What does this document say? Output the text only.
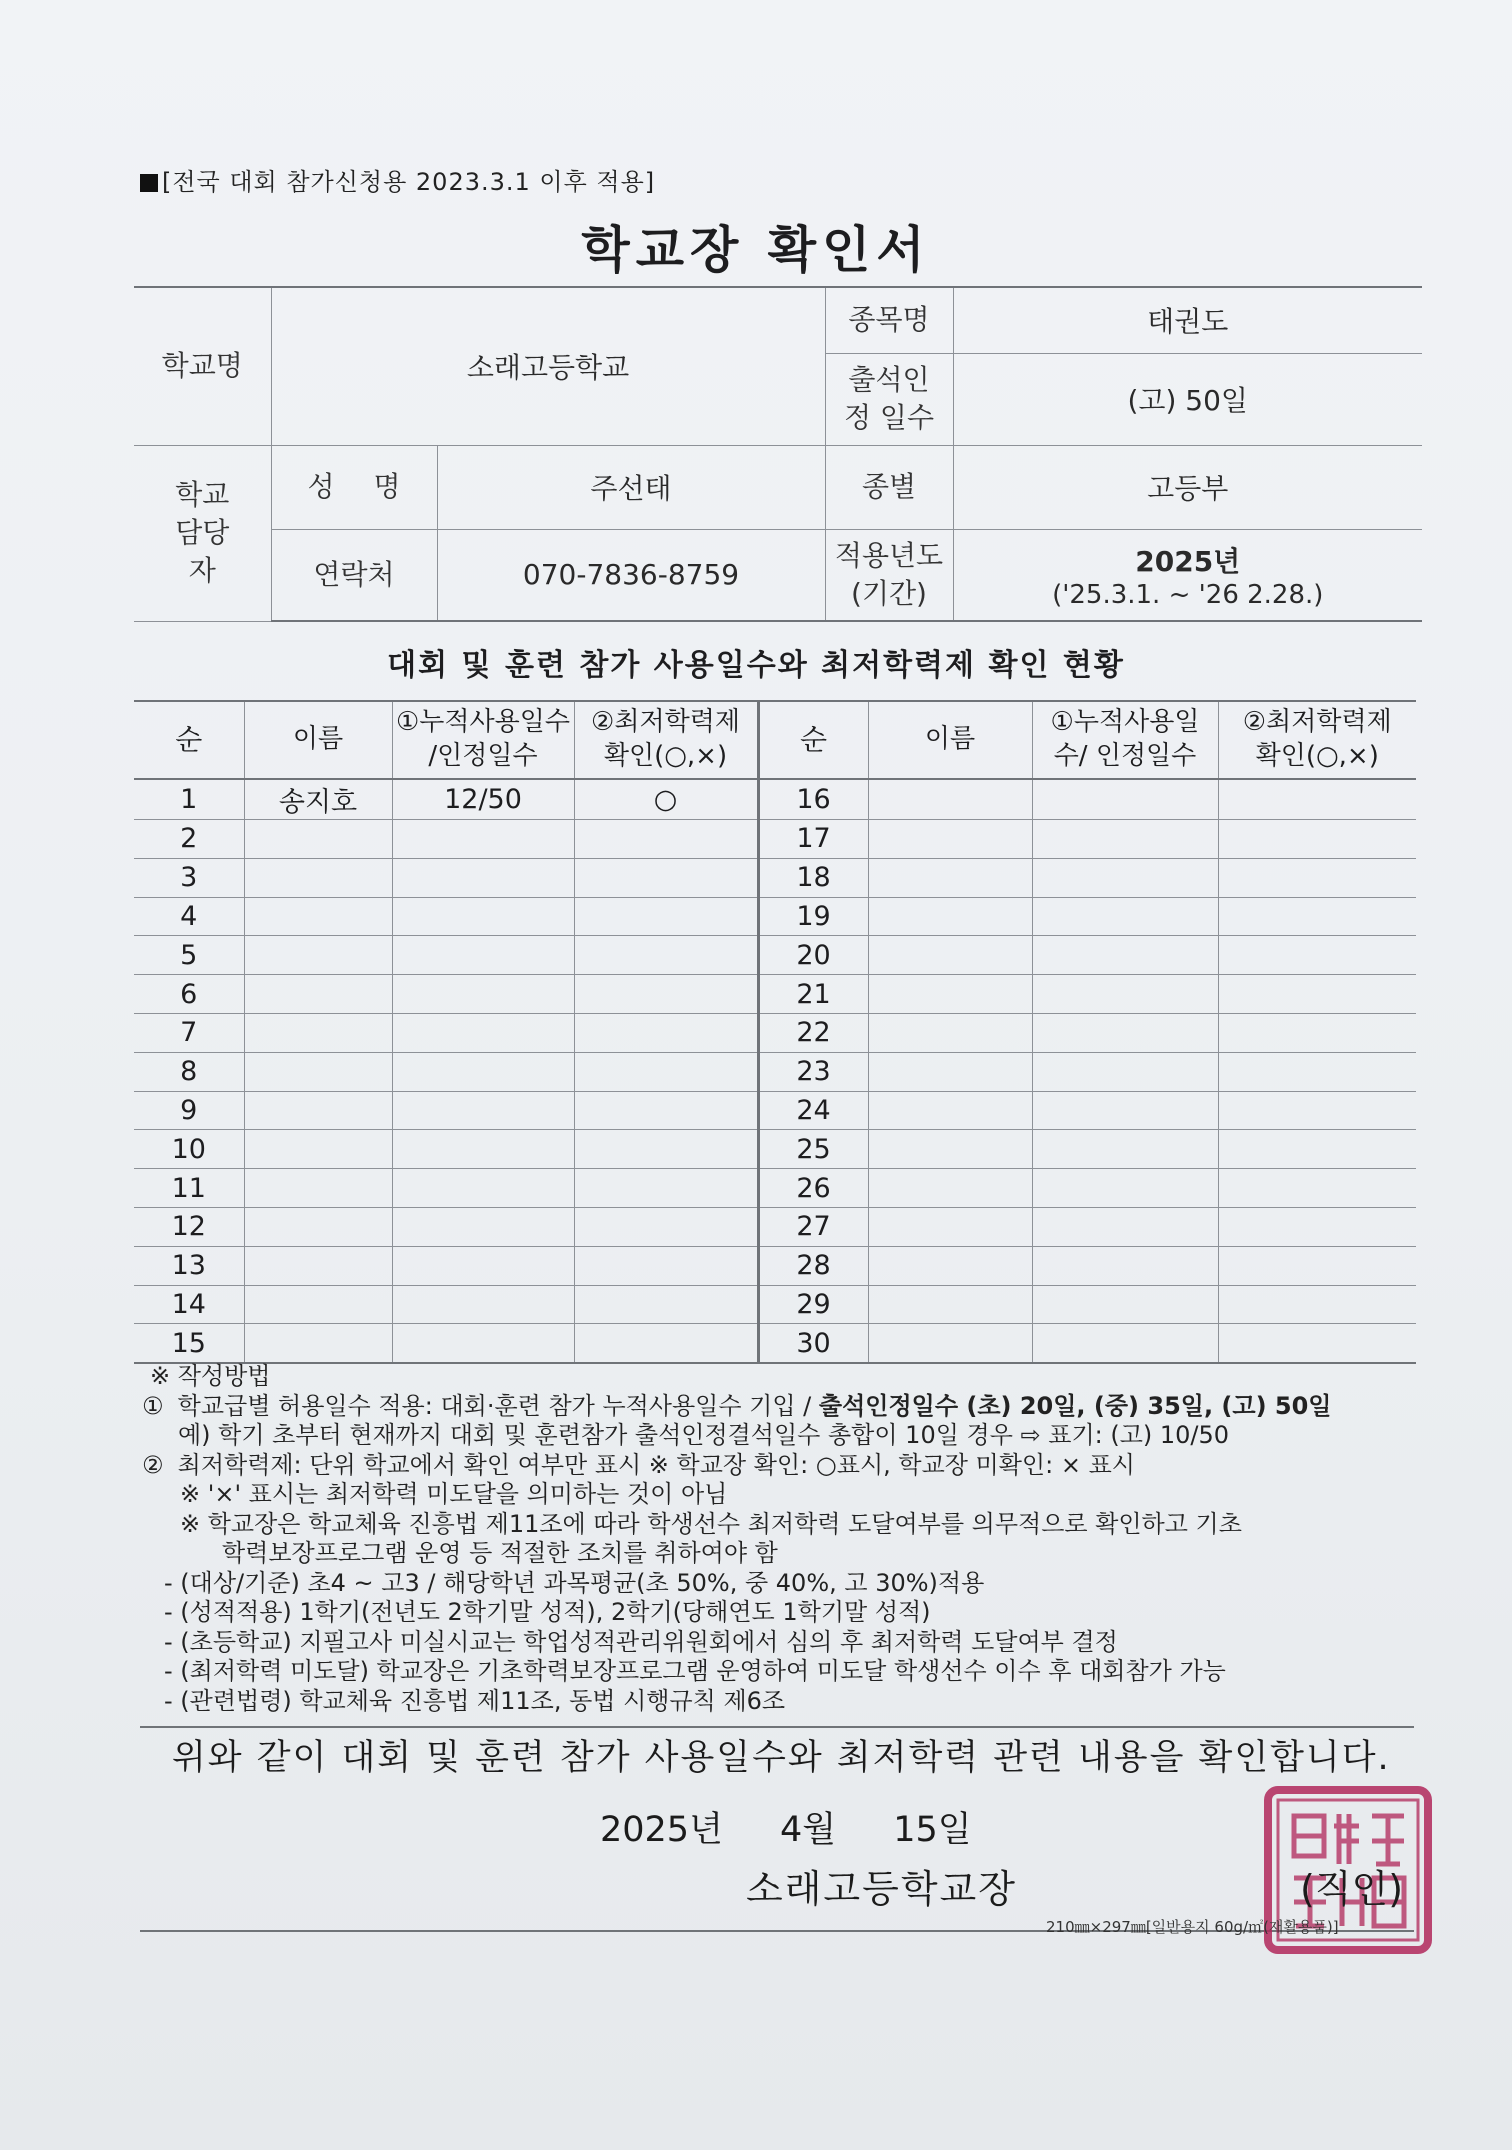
[전국 대회 참가신청용 2023.3.1 이후 적용]
학교장 확인서
학교명	소래고등학교		종목명	태권도

			출석인정 일수	(고) 50일

학교 담당자	성 명	주선태	종별	고등부
	연락처	070-7836-8759	적용년도 (기간)	2025년
('25.3.1. ~ '26 2.28.)
대회 및 훈련 참가 사용일수와 최저학력제 확인 현황
순	이름	①누적사용일수 /인정일수	②최저학력제 확인(○,×)	순	이름	①누적사용일수/ 인정일수	②최저학력제 확인(○,×)

1	송지호	12/50	○	16			
2				17			
3				18			
4				19			
5				20			
6				21			
7				22			
8				23			
9				24			
10				25			
11				26			
12				27			
13				28			
14				29			
15				30			
※ 작성방법
① 학교급별 허용일수 적용: 대회·훈련 참가 누적사용일수 기입 / 출석인정일수 (초) 20일, (중) 35일, (고) 50일
예) 학기 초부터 현재까지 대회 및 훈련참가 출석인정결석일수 총합이 10일 경우 ⇨ 표기: (고) 10/50
② 최저학력제: 단위 학교에서 확인 여부만 표시 ※ 학교장 확인: ○표시, 학교장 미확인: × 표시
※ '×' 표시는 최저학력 미도달을 의미하는 것이 아님
※ 학교장은 학교체육 진흥법 제11조에 따라 학생선수 최저학력 도달여부를 의무적으로 확인하고 기초
학력보장프로그램 운영 등 적절한 조치를 취하여야 함
- (대상/기준) 초4 ~ 고3 / 해당학년 과목평균(초 50%, 중 40%, 고 30%)적용
- (성적적용) 1학기(전년도 2학기말 성적), 2학기(당해연도 1학기말 성적)
- (초등학교) 지필고사 미실시교는 학업성적관리위원회에서 심의 후 최저학력 도달여부 결정
- (최저학력 미도달) 학교장은 기초학력보장프로그램 운영하여 미도달 학생선수 이수 후 대회참가 가능
- (관련법령) 학교체육 진흥법 제11조, 동법 시행규칙 제6조
위와 같이 대회 및 훈련 참가 사용일수와 최저학력 관련 내용을 확인합니다.
2025년 4월 15일
소래고등학교장	(직인)
210㎜×297㎜[일반용지 60g/㎡(재활용품)]
